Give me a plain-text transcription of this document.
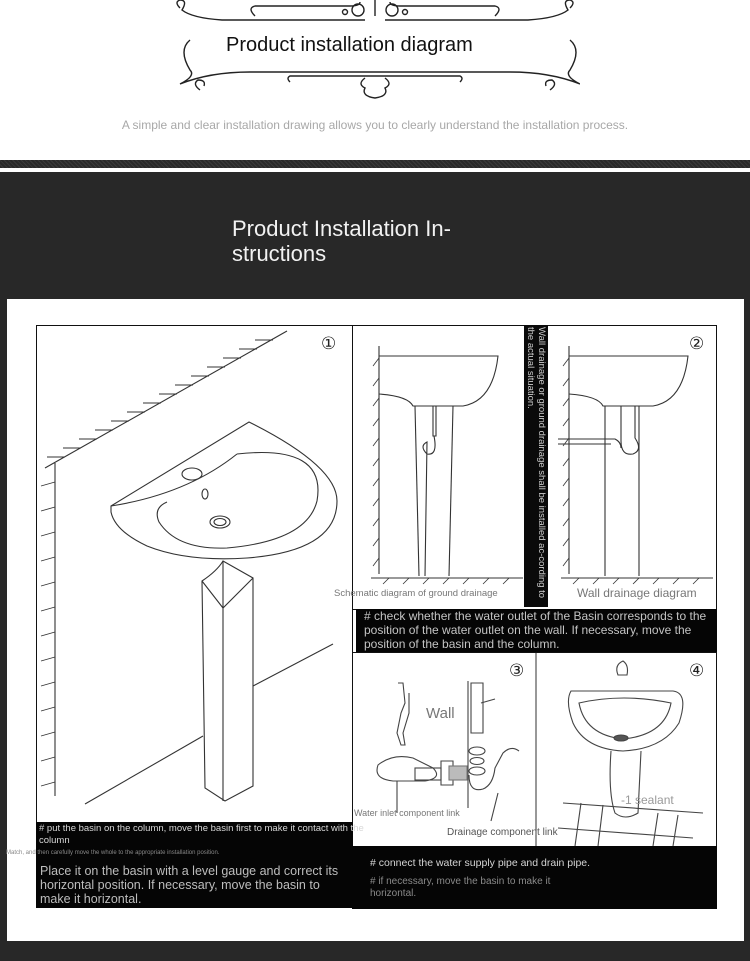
Product installation diagram
A simple and clear installation drawing allows you to clearly understand the installation process.
Product Installation In-
structions
①	②
Wall drainage diagram
Schematic diagram of ground drainage	Wall drainage or ground drainage shall be installed ac-cording to the actual situation.
# check whether the water outlet of the Basin corresponds to the position of the water outlet on the wall. If necessary, move the position of the basin and the column.
③	④
Wall
Water inlet component link
Drainage component link
-1 sealant
# put the basin on the column, move the basin first to make it contact with the column
Match, and then carefully move the whole to the appropriate installation position.
Place it on the basin with a level gauge and correct its horizontal position. If necessary, move the basin to make it horizontal.
# connect the water supply pipe and drain pipe.
# if necessary, move the basin to make it horizontal.
